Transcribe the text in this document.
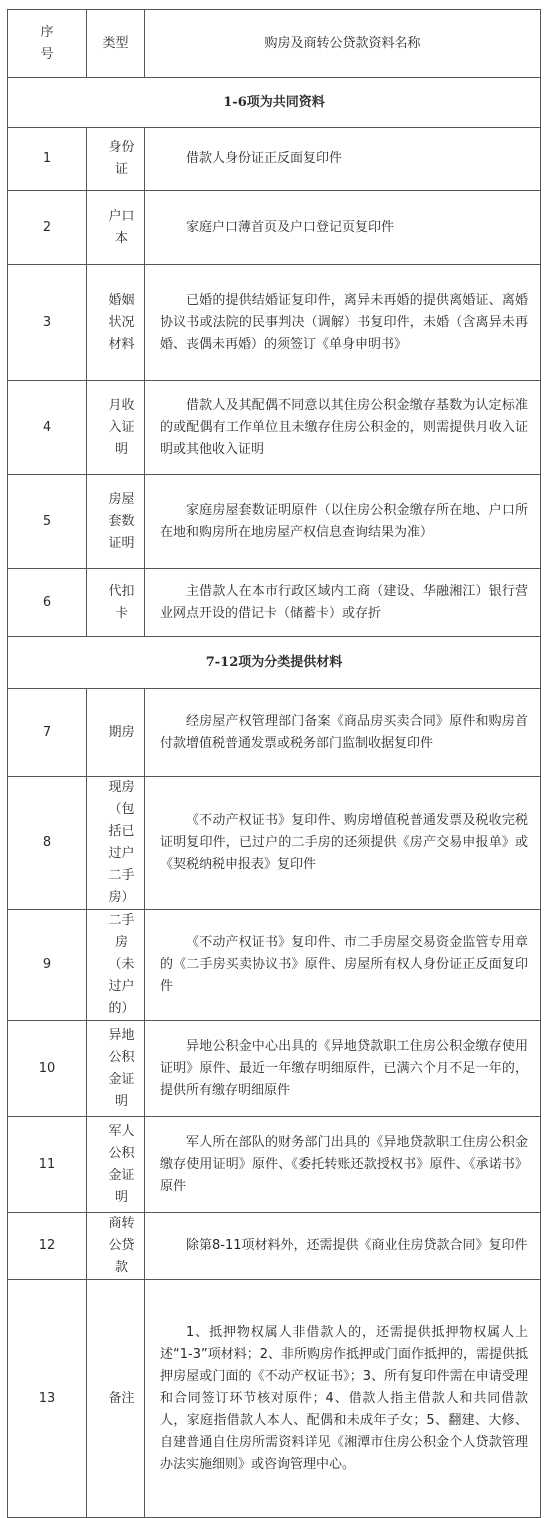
序号	类型	购房及商转公贷款资料名称
1-6项为共同资料		
1	身份证	借款人身份证正反面复印件
2	户口本	家庭户口薄首页及户口登记页复印件
3	婚姻状况材料	已婚的提供结婚证复印件，离异未再婚的提供离婚证、离婚协议书或法院的民事判决（调解）书复印件，未婚（含离异未再婚、丧偶未再婚）的须签订《单身申明书》
4	月收入证明	借款人及其配偶不同意以其住房公积金缴存基数为认定标准的或配偶有工作单位且未缴存住房公积金的，则需提供月收入证明或其他收入证明
5	房屋套数证明	家庭房屋套数证明原件（以住房公积金缴存所在地、户口所在地和购房所在地房屋产权信息查询结果为准）
6	代扣卡	主借款人在本市行政区域内工商（建设、华融湘江）银行营业网点开设的借记卡（储蓄卡）或存折
7-12项为分类提供材料		
7	期房	经房屋产权管理部门备案《商品房买卖合同》原件和购房首付款增值税普通发票或税务部门监制收据复印件
8	现房（包括已过户二手房）	《不动产权证书》复印件、购房增值税普通发票及税收完税证明复印件，已过户的二手房的还须提供《房产交易申报单》或《契税纳税申报表》复印件
9	二手房（未过户的）	《不动产权证书》复印件、市二手房屋交易资金监管专用章的《二手房买卖协议书》原件、房屋所有权人身份证正反面复印件
10	异地公积金证明	异地公积金中心出具的《异地贷款职工住房公积金缴存使用证明》原件、最近一年缴存明细原件，已满六个月不足一年的，提供所有缴存明细原件
11	军人公积金证明	军人所在部队的财务部门出具的《异地贷款职工住房公积金缴存使用证明》原件、《委托转账还款授权书》原件、《承诺书》原件
12	商转公贷款	除第8-11项材料外，还需提供《商业住房贷款合同》复印件
13	备注	1、抵押物权属人非借款人的，还需提供抵押物权属人上述“1-3”项材料；2、非所购房作抵押或门面作抵押的，需提供抵押房屋或门面的《不动产权证书》；3、所有复印件需在申请受理和合同签订环节核对原件；4、借款人指主借款人和共同借款人，家庭指借款人本人、配偶和未成年子女；5、翻建、大修、自建普通自住房所需资料详见《湘潭市住房公积金个人贷款管理办法实施细则》或咨询管理中心。
